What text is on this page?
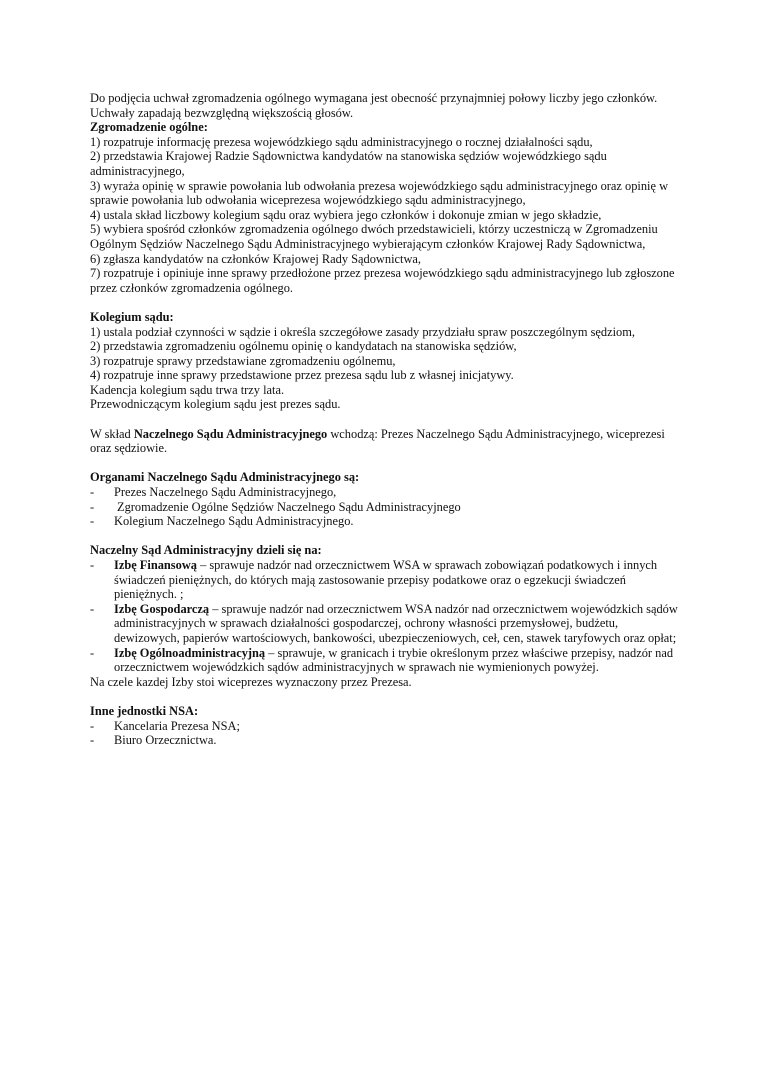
Do podjęcia uchwał zgromadzenia ogólnego wymagana jest obecność przynajmniej połowy liczby jego członków. Uchwały zapadają bezwzględną większością głosów.

Zgromadzenie ogólne:

1) rozpatruje informację prezesa wojewódzkiego sądu administracyjnego o rocznej działalności sądu,

2) przedstawia Krajowej Radzie Sądownictwa kandydatów na stanowiska sędziów wojewódzkiego sądu administracyjnego,

3) wyraża opinię w sprawie powołania lub odwołania prezesa wojewódzkiego sądu administracyjnego oraz opinię w sprawie powołania lub odwołania wiceprezesa wojewódzkiego sądu administracyjnego,

4) ustala skład liczbowy kolegium sądu oraz wybiera jego członków i dokonuje zmian w jego składzie,

5) wybiera spośród członków zgromadzenia ogólnego dwóch przedstawicieli, którzy uczestniczą w Zgromadzeniu Ogólnym Sędziów Naczelnego Sądu Administracyjnego wybierającym członków Krajowej Rady Sądownictwa,

6) zgłasza kandydatów na członków Krajowej Rady Sądownictwa,

7) rozpatruje i opiniuje inne sprawy przedłożone przez prezesa wojewódzkiego sądu administracyjnego lub zgłoszone przez członków zgromadzenia ogólnego.

Kolegium sądu:

1) ustala podział czynności w sądzie i określa szczegółowe zasady przydziału spraw poszczególnym sędziom,

2) przedstawia zgromadzeniu ogólnemu opinię o kandydatach na stanowiska sędziów,

3) rozpatruje sprawy przedstawiane zgromadzeniu ogólnemu,

4) rozpatruje inne sprawy przedstawione przez prezesa sądu lub z własnej inicjatywy.

Kadencja kolegium sądu trwa trzy lata.

Przewodniczącym kolegium sądu jest prezes sądu.

W skład Naczelnego Sądu Administracyjnego wchodzą: Prezes Naczelnego Sądu Administracyjnego, wiceprezesi oraz sędziowie.

Organami Naczelnego Sądu Administracyjnego są:

- Prezes Naczelnego Sądu Administracyjnego,
- Zgromadzenie Ogólne Sędziów Naczelnego Sądu Administracyjnego
- Kolegium Naczelnego Sądu Administracyjnego.

Naczelny Sąd Administracyjny dzieli się na:

- Izbę Finansową – sprawuje nadzór nad orzecznictwem WSA w sprawach zobowiązań podatkowych i innych świadczeń pieniężnych, do których mają zastosowanie przepisy podatkowe oraz o egzekucji świadczeń pieniężnych. ;
- Izbę Gospodarczą – sprawuje nadzór nad orzecznictwem WSA nadzór nad orzecznictwem wojewódzkich sądów administracyjnych w sprawach działalności gospodarczej, ochrony własności przemysłowej, budżetu, dewizowych, papierów wartościowych, bankowości, ubezpieczeniowych, ceł, cen, stawek taryfowych oraz opłat;
- Izbę Ogólnoadministracyjną – sprawuje, w granicach i trybie określonym przez właściwe przepisy, nadzór nad orzecznictwem wojewódzkich sądów administracyjnych w sprawach nie wymienionych powyżej.

Na czele kazdej Izby stoi wiceprezes wyznaczony przez Prezesa.

Inne jednostki NSA:

- Kancelaria Prezesa NSA;
- Biuro Orzecznictwa.
